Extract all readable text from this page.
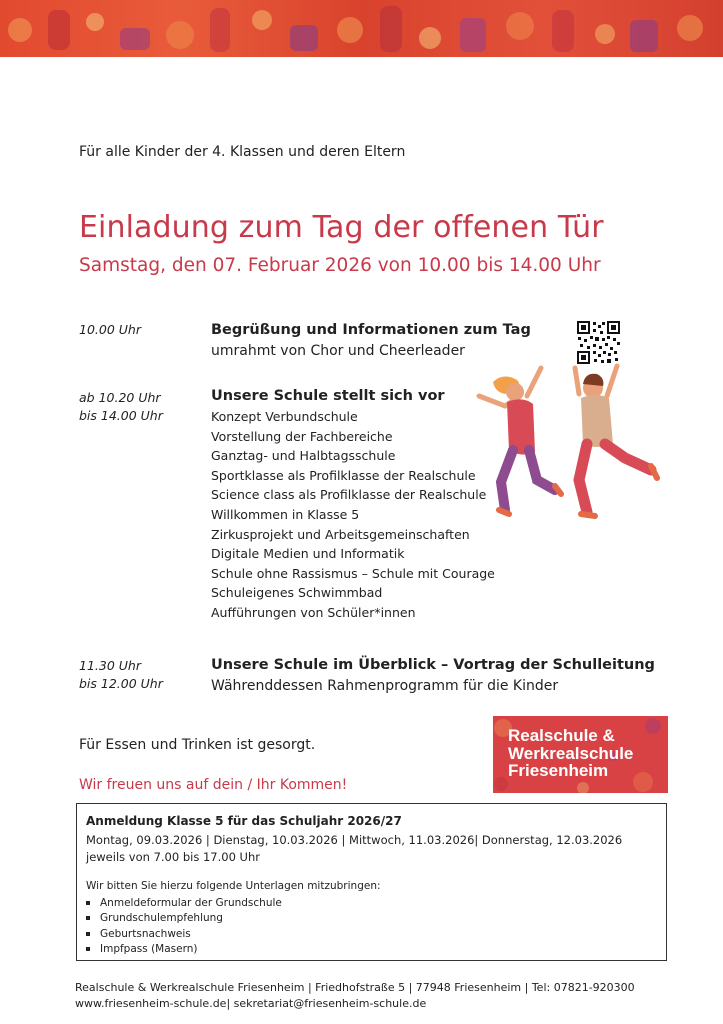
Für alle Kinder der 4. Klassen und deren Eltern
Einladung zum Tag der offenen Tür
Samstag, den 07. Februar 2026 von 10.00 bis 14.00 Uhr
10.00 Uhr	Begrüßung und Informationen zum Tag
umrahmt von Chor und Cheerleader
ab 10.20 Uhr
bis 14.00 Uhr
Unsere Schule stellt sich vor
Konzept Verbundschule
Vorstellung der Fachbereiche
Ganztag- und Halbtagsschule
Sportklasse als Profilklasse der Realschule
Science class als Profilklasse der Realschule
Willkommen in Klasse 5
Zirkusprojekt und Arbeitsgemeinschaften
Digitale Medien und Informatik
Schule ohne Rassismus – Schule mit Courage
Schuleigenes Schwimmbad
Aufführungen von Schüler*innen
11.30 Uhr
bis 12.00 Uhr
Unsere Schule im Überblick – Vortrag der Schulleitung
Währenddessen Rahmenprogramm für die Kinder
Für Essen und Trinken ist gesorgt.
Wir freuen uns auf dein / Ihr Kommen!
Realschule &
Werkrealschule
Friesenheim
Anmeldung Klasse 5 für das Schuljahr 2026/27
Montag, 09.03.2026 | Dienstag, 10.03.2026 | Mittwoch, 11.03.2026| Donnerstag, 12.03.2026
jeweils von 7.00 bis 17.00 Uhr
Wir bitten Sie hierzu folgende Unterlagen mitzubringen:
Anmeldeformular der Grundschule
Grundschulempfehlung
Geburtsnachweis
Impfpass (Masern)
Realschule & Werkrealschule Friesenheim | Friedhofstraße 5 | 77948 Friesenheim | Tel: 07821-920300
www.friesenheim-schule.de| sekretariat@friesenheim-schule.de
